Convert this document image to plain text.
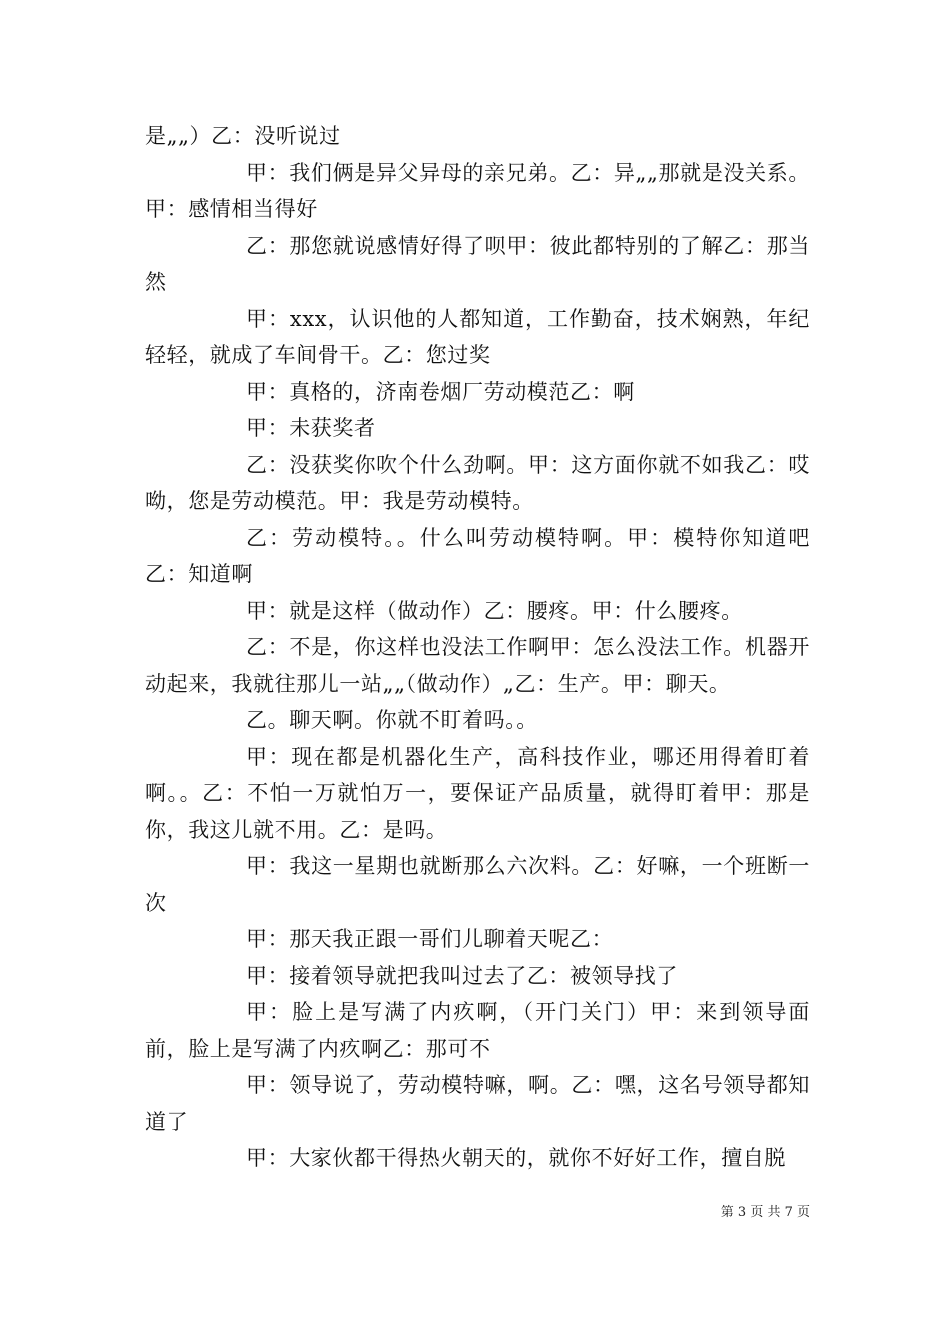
是„„）乙：没听说过

甲：我们俩是异父异母的亲兄弟。乙：异„„那就是没关系。甲：感情相当得好

乙：那您就说感情好得了呗甲：彼此都特别的了解乙：那当然

甲：xxx，认识他的人都知道，工作勤奋，技术娴熟，年纪轻轻，就成了车间骨干。乙：您过奖

甲：真格的，济南卷烟厂劳动模范乙：啊

甲：未获奖者

乙：没获奖你吹个什么劲啊。甲：这方面你就不如我乙：哎呦，您是劳动模范。甲：我是劳动模特。

乙：劳动模特。。什么叫劳动模特啊。甲：模特你知道吧乙：知道啊

甲：就是这样（做动作）乙：腰疼。甲：什么腰疼。

乙：不是，你这样也没法工作啊甲：怎么没法工作。机器开动起来，我就往那儿一站„„（做动作）„乙：生产。甲：聊天。

乙。聊天啊。你就不盯着吗。。

甲：现在都是机器化生产，高科技作业，哪还用得着盯着啊。。乙：不怕一万就怕万一，要保证产品质量，就得盯着甲：那是你，我这儿就不用。乙：是吗。

甲：我这一星期也就断那么六次料。乙：好嘛，一个班断一次

甲：那天我正跟一哥们儿聊着天呢乙：

甲：接着领导就把我叫过去了乙：被领导找了

甲：脸上是写满了内疚啊，（开门关门）甲：来到领导面前，脸上是写满了内疚啊乙：那可不

甲：领导说了，劳动模特嘛，啊。乙：嘿，这名号领导都知道了

甲：大家伙都干得热火朝天的，就你不好好工作，擅自脱

第 3 页 共 7 页
